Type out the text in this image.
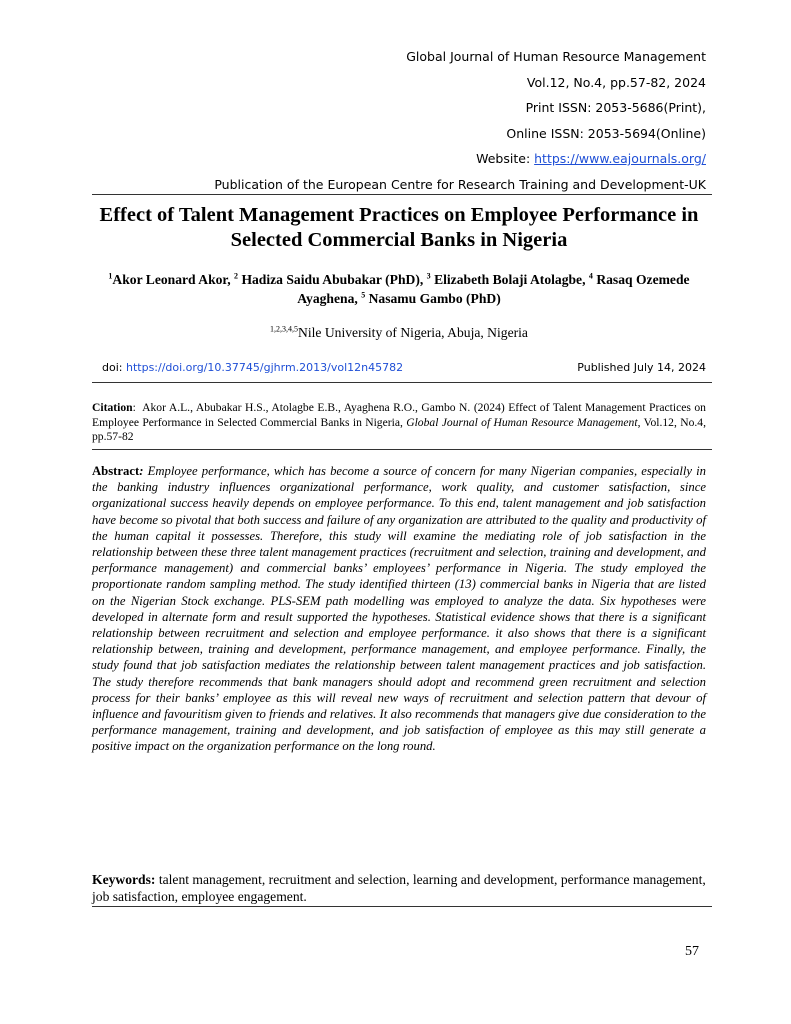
Global Journal of Human Resource Management
Vol.12, No.4, pp.57-82, 2024
Print ISSN: 2053-5686(Print),
Online ISSN: 2053-5694(Online)
Website: https://www.eajournals.org/
Publication of the European Centre for Research Training and Development-UK
Effect of Talent Management Practices on Employee Performance in Selected Commercial Banks in Nigeria
$^1$Akor Leonard Akor, $^2$ Hadiza Saidu Abubakar (PhD), $^3$ Elizabeth Bolaji Atolagbe, $^4$ Rasaq Ozemede Ayaghena, $^5$ Nasamu Gambo (PhD)
$^{1,2,3,4,5}$Nile University of Nigeria, Abuja, Nigeria
doi: https://doi.org/10.37745/gjhrm.2013/vol12n45782	Published July 14, 2024
Citation:  Akor A.L., Abubakar H.S., Atolagbe E.B., Ayaghena R.O., Gambo N. (2024) Effect of Talent Management Practices on Employee Performance in Selected Commercial Banks in Nigeria, Global Journal of Human Resource Management, Vol.12, No.4, pp.57-82
Abstract: Employee performance, which has become a source of concern for many Nigerian companies, especially in the banking industry influences organizational performance, work quality, and customer satisfaction, since organizational success heavily depends on employee performance. To this end, talent management and job satisfaction have become so pivotal that both success and failure of any organization are attributed to the quality and productivity of the human capital it possesses. Therefore, this study will examine the mediating role of job satisfaction in the relationship between these three talent management practices (recruitment and selection, training and development, and performance management) and commercial banks’ employees’ performance in Nigeria. The study employed the proportionate random sampling method. The study identified thirteen (13) commercial banks in Nigeria that are listed on the Nigerian Stock exchange. PLS-SEM path modelling was employed to analyze the data. Six hypotheses were developed in alternate form and result supported the hypotheses. Statistical evidence shows that there is a significant relationship between recruitment and selection and employee performance. it also shows that there is a significant relationship between, training and development, performance management, and employee performance. Finally, the study found that job satisfaction mediates the relationship between talent management practices and job satisfaction. The study therefore recommends that bank managers should adopt and recommend green recruitment and selection process for their banks’ employee as this will reveal new ways of recruitment and selection pattern that devour of influence and favouritism given to friends and relatives. It also recommends that managers give due consideration to the performance management, training and development, and job satisfaction of employee as this may still generate a positive impact on the organization performance on the long round.
Keywords: talent management, recruitment and selection, learning and development, performance management, job satisfaction, employee engagement.
57
